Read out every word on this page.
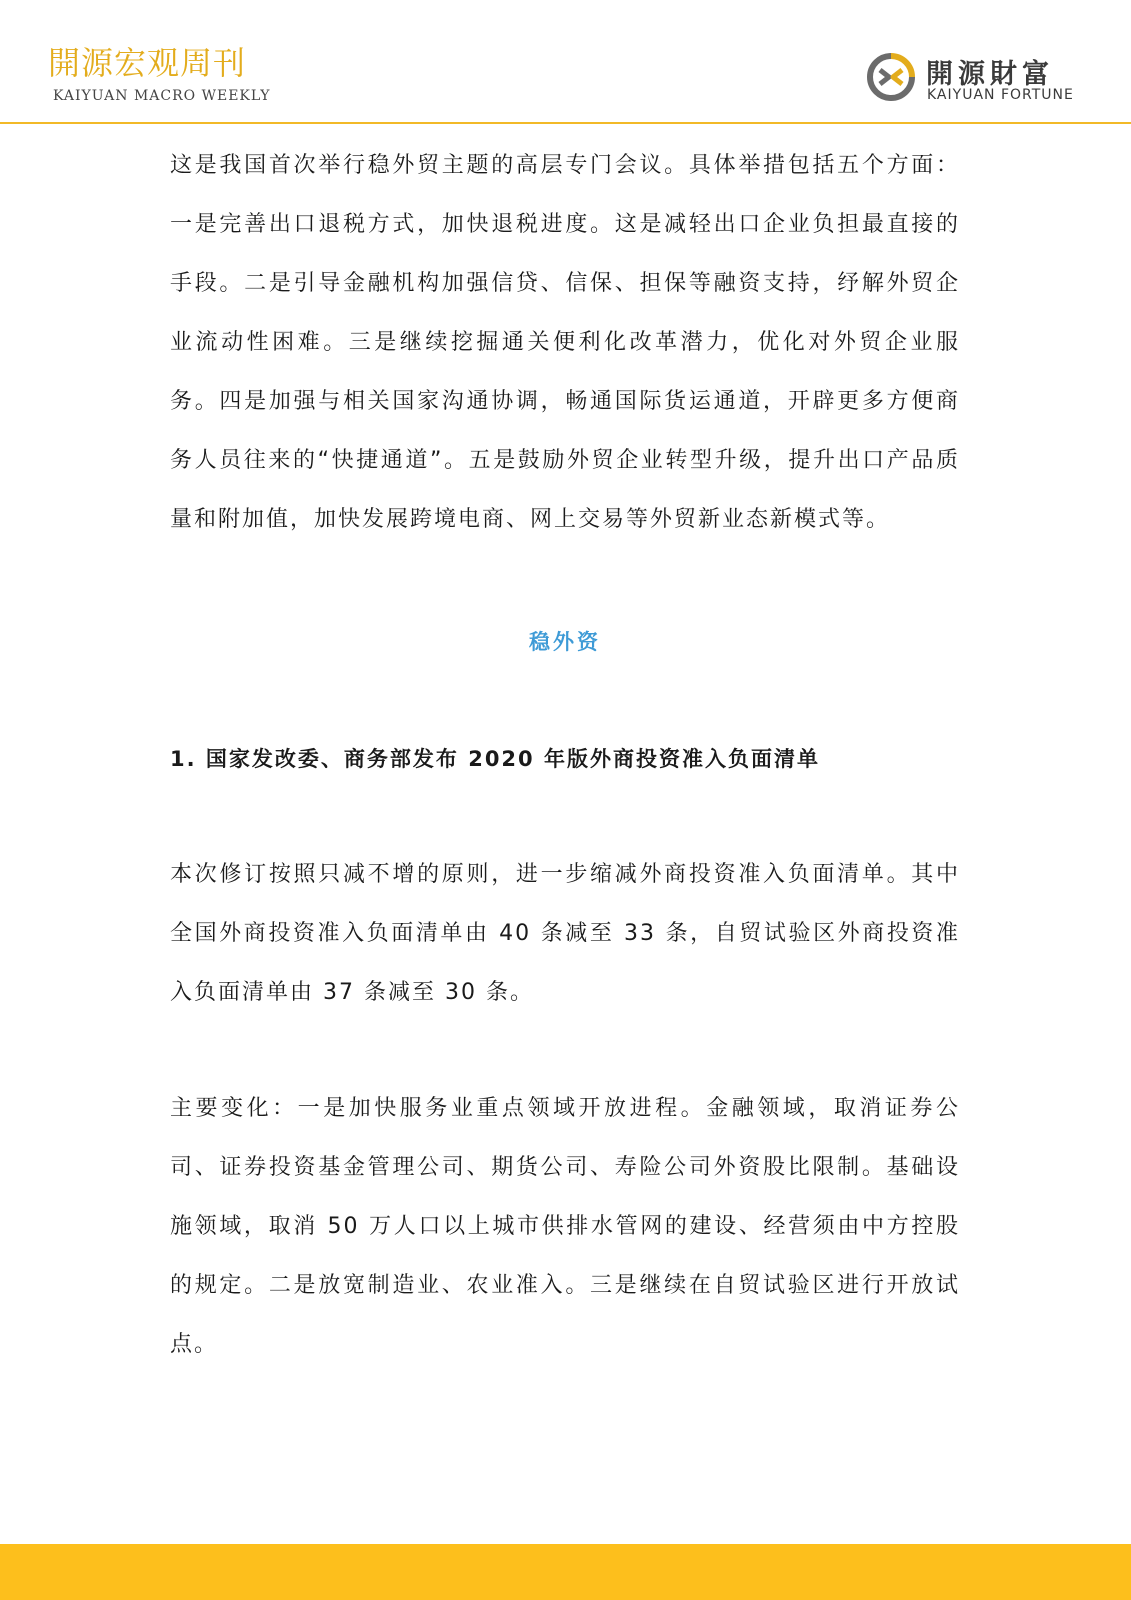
開源宏观周刊
KAIYUAN MACRO WEEKLY
開源財富
KAIYUAN FORTUNE

这是我国首次举行稳外贸主题的高层专门会议。具体举措包括五个方面：一是完善出口退税方式，加快退税进度。这是减轻出口企业负担最直接的手段。二是引导金融机构加强信贷、信保、担保等融资支持，纾解外贸企业流动性困难。三是继续挖掘通关便利化改革潜力，优化对外贸企业服务。四是加强与相关国家沟通协调，畅通国际货运通道，开辟更多方便商务人员往来的“快捷通道”。五是鼓励外贸企业转型升级，提升出口产品质量和附加值，加快发展跨境电商、网上交易等外贸新业态新模式等。

稳外资
1. 国家发改委、商务部发布 2020 年版外商投资准入负面清单

本次修订按照只减不增的原则，进一步缩减外商投资准入负面清单。其中全国外商投资准入负面清单由 40 条减至 33 条，自贸试验区外商投资准入负面清单由 37 条减至 30 条。

主要变化：一是加快服务业重点领域开放进程。金融领域，取消证券公司、证券投资基金管理公司、期货公司、寿险公司外资股比限制。基础设施领域，取消 50 万人口以上城市供排水管网的建设、经营须由中方控股的规定。二是放宽制造业、农业准入。三是继续在自贸试验区进行开放试点。
